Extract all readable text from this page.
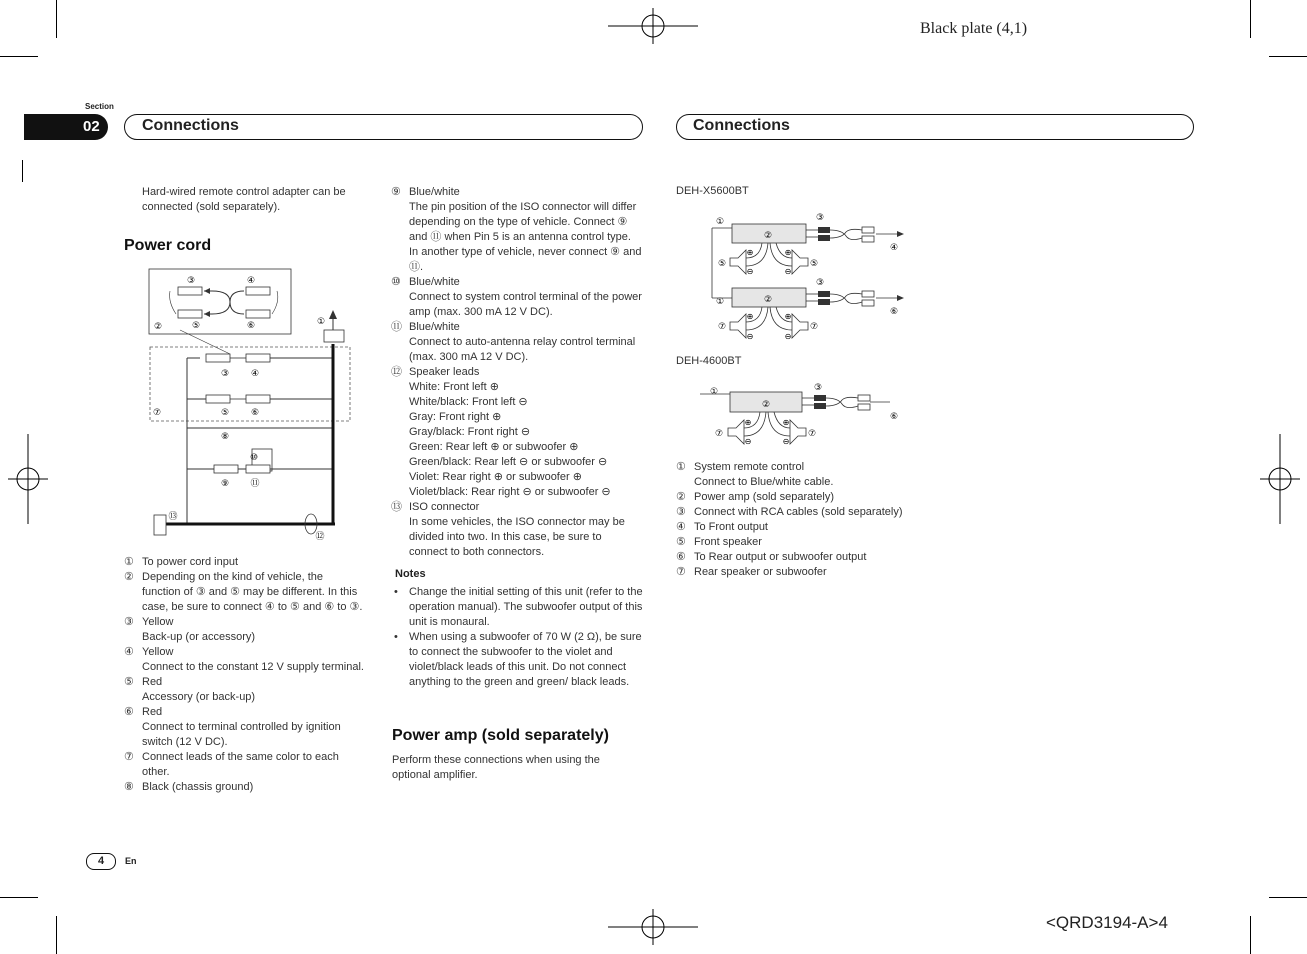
Black plate (4,1)
<QRD3194-A>4
Section
02	Connections	Connections
Hard-wired remote control adapter can be connected (sold separately).
Power cord
③	④
②	⑤	⑥
③ ④
⑤ ⑥
⑦
⑧
⑩
⑨ ⑪
①
⑬
⑫
① To power cord input
② Depending on the kind of vehicle, the function of ③ and ⑤ may be different. In this case, be sure to connect ④ to ⑤ and ⑥ to ③.
③ Yellow
Back-up (or accessory)
④ Yellow
Connect to the constant 12 V supply terminal.
⑤ Red
Accessory (or back-up)
⑥ Red
Connect to terminal controlled by ignition switch (12 V DC).
⑦ Connect leads of the same color to each other.
⑧ Black (chassis ground)
⑨ Blue/white
The pin position of the ISO connector will differ depending on the type of vehicle. Connect ⑨ and ⑪ when Pin 5 is an antenna control type. In another type of vehicle, never connect ⑨ and ⑪.
⑩ Blue/white
Connect to system control terminal of the power amp (max. 300 mA 12 V DC).
⑪ Blue/white
Connect to auto-antenna relay control terminal (max. 300 mA 12 V DC).
⑫ Speaker leads
White: Front left ⊕
White/black: Front left ⊖
Gray: Front right ⊕
Gray/black: Front right ⊖
Green: Rear left ⊕ or subwoofer ⊕
Green/black: Rear left ⊖ or subwoofer ⊖
Violet: Rear right ⊕ or subwoofer ⊕
Violet/black: Rear right ⊖ or subwoofer ⊖
⑬ ISO connector
In some vehicles, the ISO connector may be divided into two. In this case, be sure to connect to both connectors.
Notes
• Change the initial setting of this unit (refer to the operation manual). The subwoofer output of this unit is monaural.
• When using a subwoofer of 70 W (2 Ω), be sure to connect the subwoofer to the violet and violet/black leads of this unit. Do not connect anything to the green and green/ black leads.
Power amp (sold separately)
Perform these connections when using the optional amplifier.
DEH-X5600BT
①
①
②
②
③
④
③
⑥
⊕	⊕
⊖	⊖
⑤	⑤
⊕	⊕
⊖	⊖
⑦	⑦
DEH-4600BT
①
②
③
⑥
⊕	⊕
⊖	⊖
⑦	⑦
① System remote control
Connect to Blue/white cable.
② Power amp (sold separately)
③ Connect with RCA cables (sold separately)
④ To Front output
⑤ Front speaker
⑥ To Rear output or subwoofer output
⑦ Rear speaker or subwoofer
4	En
